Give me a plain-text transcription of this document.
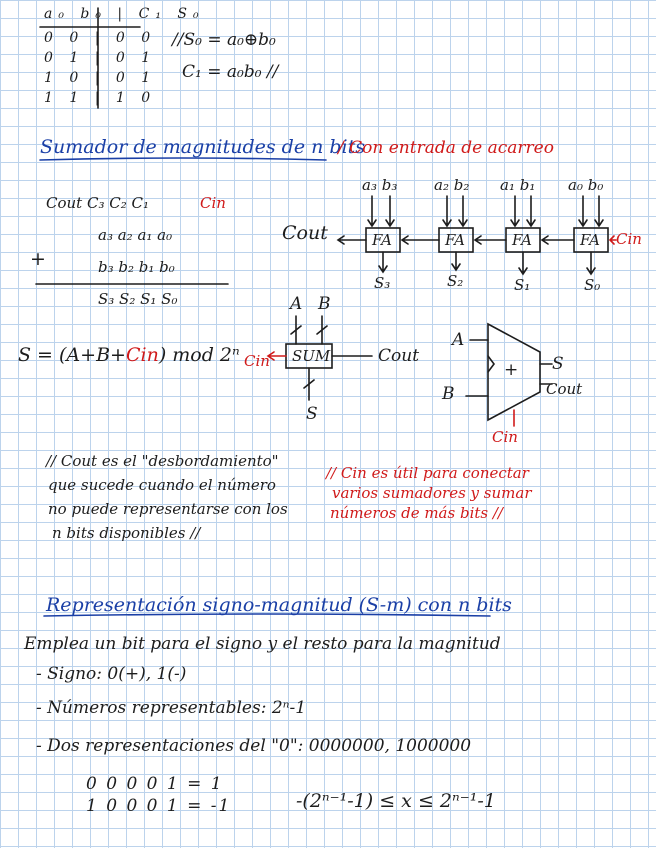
a₀ b₀ | C₁ S₀
0 0 | 0 0
0 1 | 0 1
1 0 | 0 1
1 1 | 1 0
//S₀ = a₀⊕b₀
C₁ = a₀b₀ //
Sumador de magnitudes de n bits
/ Con entrada de acarreo
Cout C₃ C₂ C₁	Cin
a₃ a₂ a₁ a₀
+	b₃ b₂ b₁ b₀
S₃ S₂ S₁ S₀
Cout	Cin
a₃ b₃ a₂ b₂ a₁ b₁ a₀ b₀
FA	FA	FA	FA
S₃	S₂	S₁	S₀
S = (A+B+Cin) mod 2ⁿ
A B
SUM
Cin	Cout
S
A
B
+ S
Cout
Cin
// Cout es el "desbordamiento"
que sucede cuando el número
no puede representarse con los
n bits disponibles //
// Cin es útil para conectar
varios sumadores y sumar
números de más bits //
Representación signo-magnitud (S-m) con n bits
Emplea un bit para el signo y el resto para la magnitud
- Signo: 0(+), 1(-)
- Números representables: 2ⁿ-1
- Dos representaciones del "0": 0000000, 1000000
0 0 0 0 1 = 1
1 0 0 0 1 = -1	-(2ⁿ⁻¹-1) ≤ x ≤ 2ⁿ⁻¹-1
